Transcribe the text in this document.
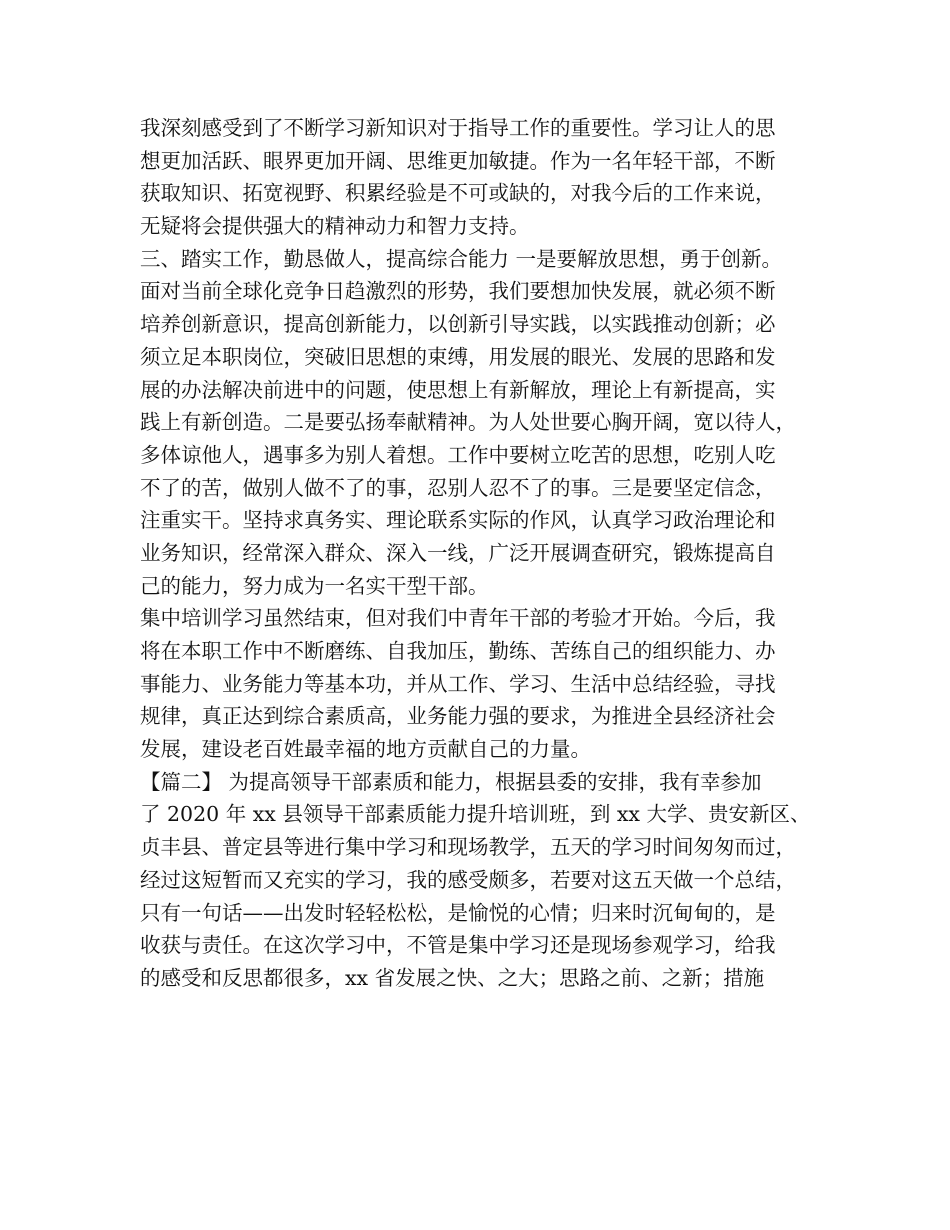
我深刻感受到了不断学习新知识对于指导工作的重要性。学习让人的思
想更加活跃、眼界更加开阔、思维更加敏捷。作为一名年轻干部，不断
获取知识、拓宽视野、积累经验是不可或缺的，对我今后的工作来说，
无疑将会提供强大的精神动力和智力支持。
三、踏实工作，勤恳做人，提高综合能力 一是要解放思想，勇于创新。
面对当前全球化竞争日趋激烈的形势，我们要想加快发展，就必须不断
培养创新意识，提高创新能力，以创新引导实践，以实践推动创新；必
须立足本职岗位，突破旧思想的束缚，用发展的眼光、发展的思路和发
展的办法解决前进中的问题，使思想上有新解放，理论上有新提高，实
践上有新创造。二是要弘扬奉献精神。为人处世要心胸开阔，宽以待人，
多体谅他人，遇事多为别人着想。工作中要树立吃苦的思想，吃别人吃
不了的苦，做别人做不了的事，忍别人忍不了的事。三是要坚定信念，
注重实干。坚持求真务实、理论联系实际的作风，认真学习政治理论和
业务知识，经常深入群众、深入一线，广泛开展调查研究，锻炼提高自
己的能力，努力成为一名实干型干部。
集中培训学习虽然结束，但对我们中青年干部的考验才开始。今后，我
将在本职工作中不断磨练、自我加压，勤练、苦练自己的组织能力、办
事能力、业务能力等基本功，并从工作、学习、生活中总结经验，寻找
规律，真正达到综合素质高，业务能力强的要求，为推进全县经济社会
发展，建设老百姓最幸福的地方贡献自己的力量。
【篇二】 为提高领导干部素质和能力，根据县委的安排，我有幸参加
了 2020 年 xx 县领导干部素质能力提升培训班，到 xx 大学、贵安新区、
贞丰县、普定县等进行集中学习和现场教学，五天的学习时间匆匆而过，
经过这短暂而又充实的学习，我的感受颇多，若要对这五天做一个总结，
只有一句话——出发时轻轻松松，是愉悦的心情；归来时沉甸甸的，是
收获与责任。在这次学习中，不管是集中学习还是现场参观学习，给我
的感受和反思都很多，xx 省发展之快、之大；思路之前、之新；措施
